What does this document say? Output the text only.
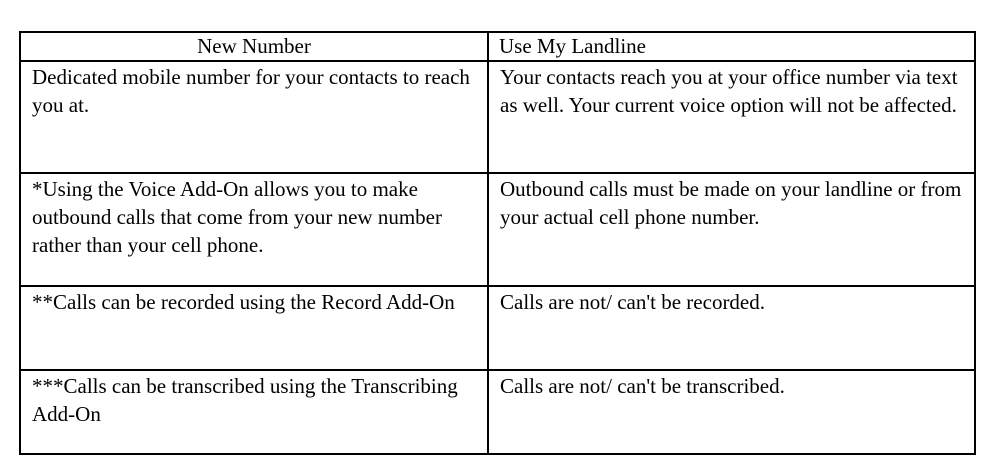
New Number	Use My Landline
Dedicated mobile number for your contacts to reach you at.	Your contacts reach you at your office number via text as well. Your current voice option will not be affected.
*Using the Voice Add-On allows you to make outbound calls that come from your new number rather than your cell phone.	Outbound calls must be made on your landline or from your actual cell phone number.
**Calls can be recorded using the Record Add-On	Calls are not/ can't be recorded.
***Calls can be transcribed using the Transcribing Add-On	Calls are not/ can't be transcribed.
